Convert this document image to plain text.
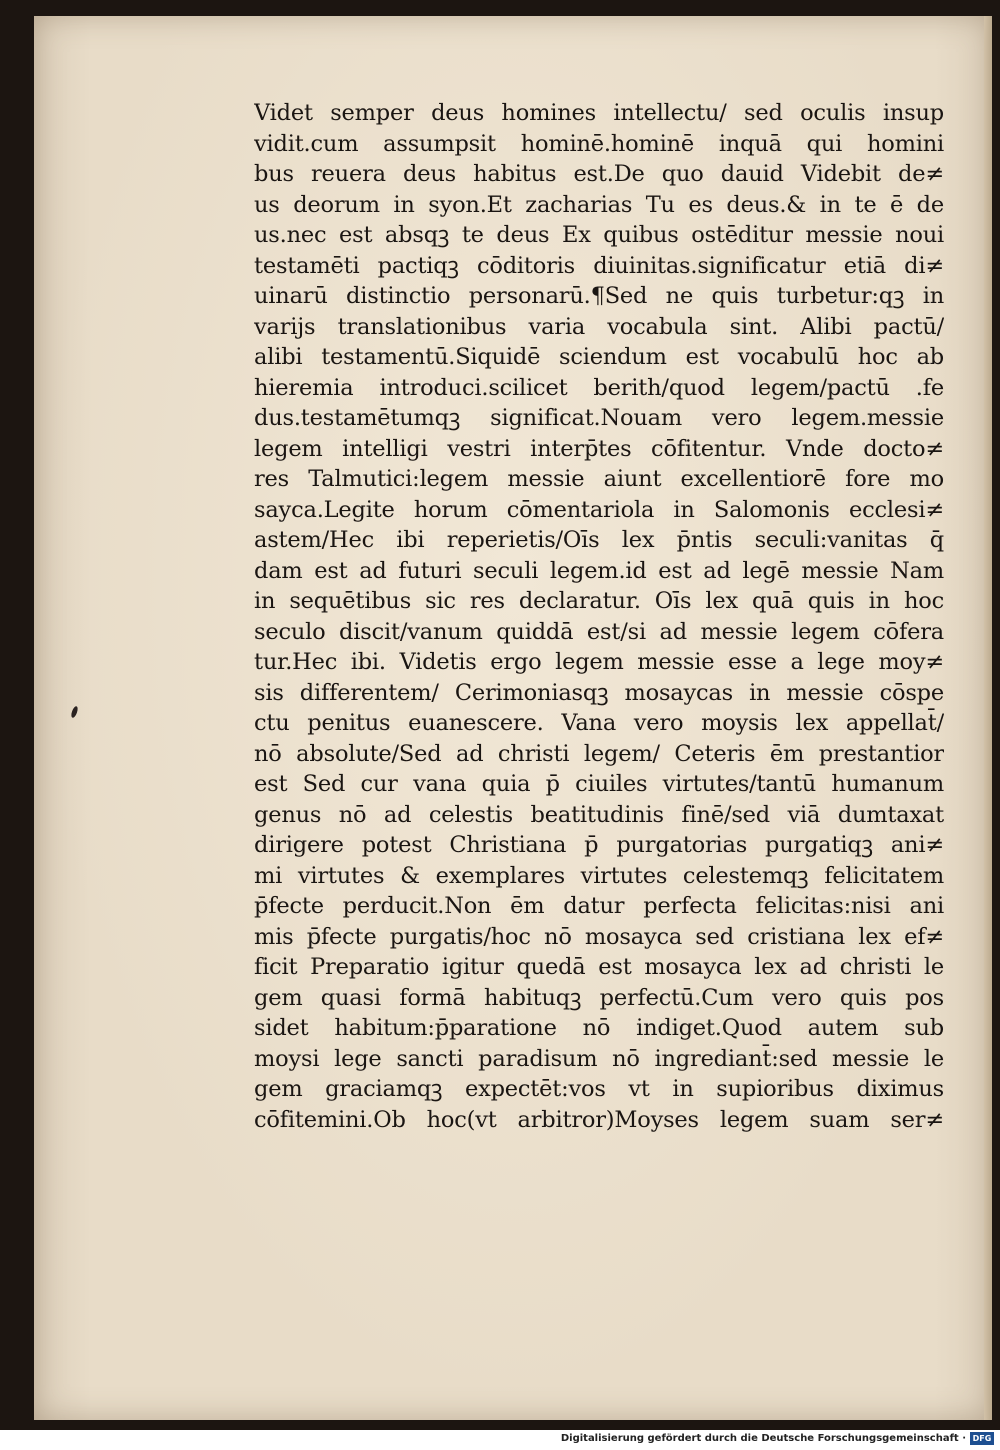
Videt semper deus homines intellectu/ sed oculis insup
vidit.cum assumpsit hominē.hominē inquā qui homini
bus reuera deus habitus est.De quo dauid Videbit de≠
us deorum in syon.Et zacharias Tu es deus.& in te ē de
us.nec est absqꝫ te deus Ex quibus ostēditur messie noui
testamēti pactiqꝫ cōditoris diuinitas.significatur etiā di≠
uinarū distinctio personarū.¶Sed ne quis turbetur:qꝫ in
varijs translationibus varia vocabula sint. Alibi pactū/
alibi testamentū.Siquidē sciendum est vocabulū hoc ab
hieremia introduci.scilicet berith/quod legem/pactū .fe
dus.testamētumqꝫ significat.Nouam vero legem.messie
legem intelligi vestri interp̄tes cōfitentur. Vnde docto≠
res Talmutici:legem messie aiunt excellentiorē fore mo
sayca.Legite horum cōmentariola in Salomonis ecclesi≠
astem/Hec ibi reperietis/Oīs lex p̄ntis seculi:vanitas q̄
dam est ad futuri seculi legem.id est ad legē messie Nam
in sequētibus sic res declaratur. Oīs lex quā quis in hoc
seculo discit/vanum quiddā est/si ad messie legem cōfera
tur.Hec ibi. Videtis ergo legem messie esse a lege moy≠
sis differentem/ Cerimoniasqꝫ mosaycas in messie cōspe
ctu penitus euanescere. Vana vero moysis lex appellat̄/
nō absolute/Sed ad christi legem/ Ceteris ēm prestantior
est Sed cur vana quia p̄ ciuiles virtutes/tantū humanum
genus nō ad celestis beatitudinis finē/sed viā dumtaxat
dirigere potest Christiana p̄ purgatorias purgatiqꝫ ani≠
mi virtutes & exemplares virtutes celestemqꝫ felicitatem
p̄fecte perducit.Non ēm datur perfecta felicitas:nisi ani
mis p̄fecte purgatis/hoc nō mosayca sed cristiana lex ef≠
ficit Preparatio igitur quedā est mosayca lex ad christi le
gem quasi formā habituqꝫ perfectū.Cum vero quis pos
sidet habitum:p̄paratione nō indiget.Quod autem sub
moysi lege sancti paradisum nō ingrediant̄:sed messie le
gem graciamqꝫ expectēt:vos vt in supioribus diximus
cōfitemini.Ob hoc(vt arbitror)Moyses legem suam ser≠
Digitalisierung gefördert durch die Deutsche Forschungsgemeinschaft · DFG
